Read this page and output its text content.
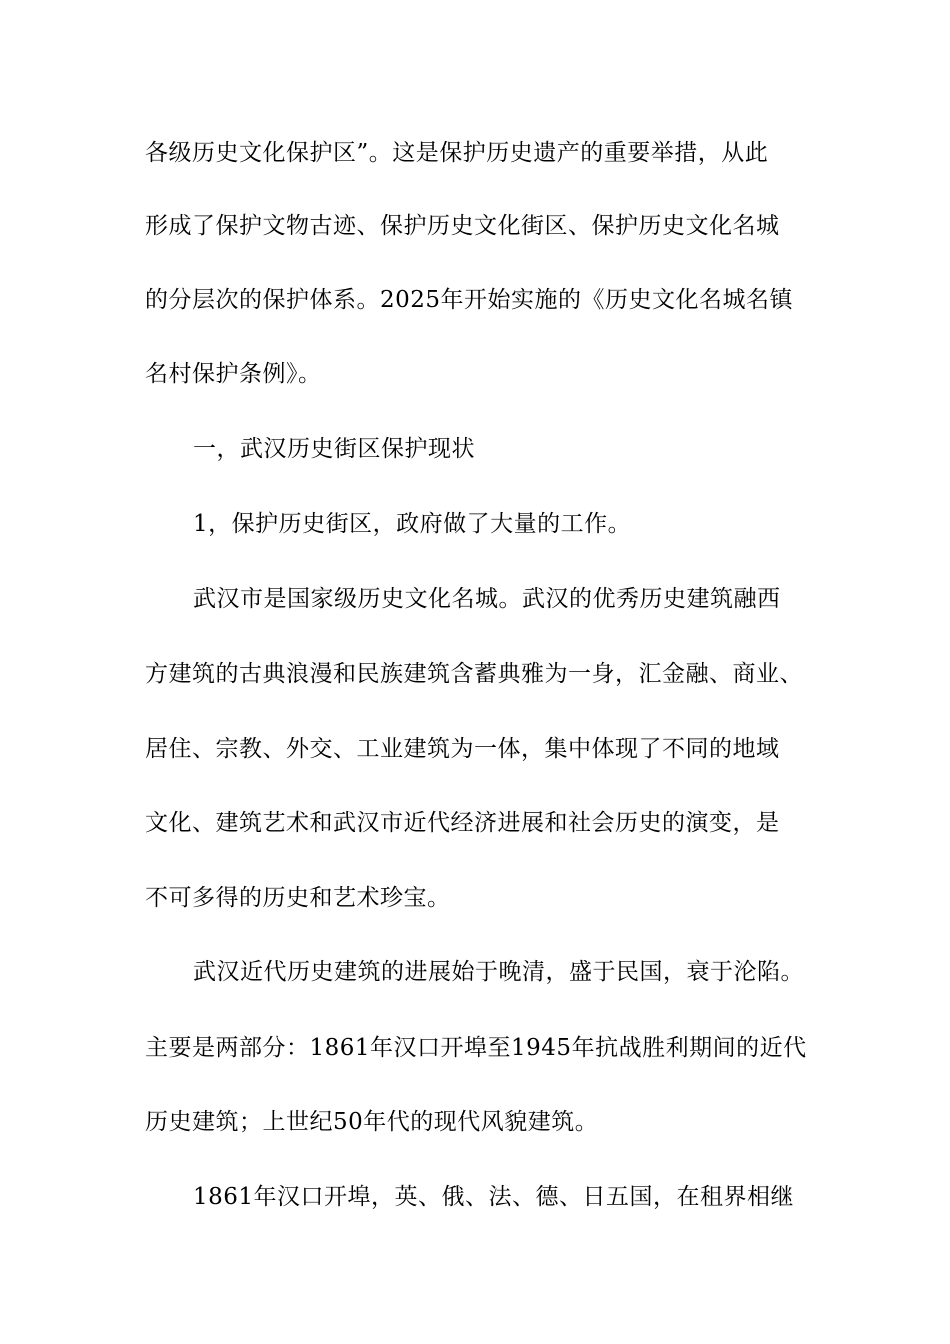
各级历史文化保护区”。这是保护历史遗产的重要举措，从此
形成了保护文物古迹、保护历史文化街区、保护历史文化名城
的分层次的保护体系。2025年开始实施的《历史文化名城名镇
名村保护条例》。
一，武汉历史街区保护现状
1，保护历史街区，政府做了大量的工作。
武汉市是国家级历史文化名城。武汉的优秀历史建筑融西
方建筑的古典浪漫和民族建筑含蓄典雅为一身，汇金融、商业、
居住、宗教、外交、工业建筑为一体，集中体现了不同的地域
文化、建筑艺术和武汉市近代经济进展和社会历史的演变，是
不可多得的历史和艺术珍宝。
武汉近代历史建筑的进展始于晚清，盛于民国，衰于沦陷。
主要是两部分：1861年汉口开埠至1945年抗战胜利期间的近代
历史建筑；上世纪50年代的现代风貌建筑。
1861年汉口开埠，英、俄、法、德、日五国，在租界相继
